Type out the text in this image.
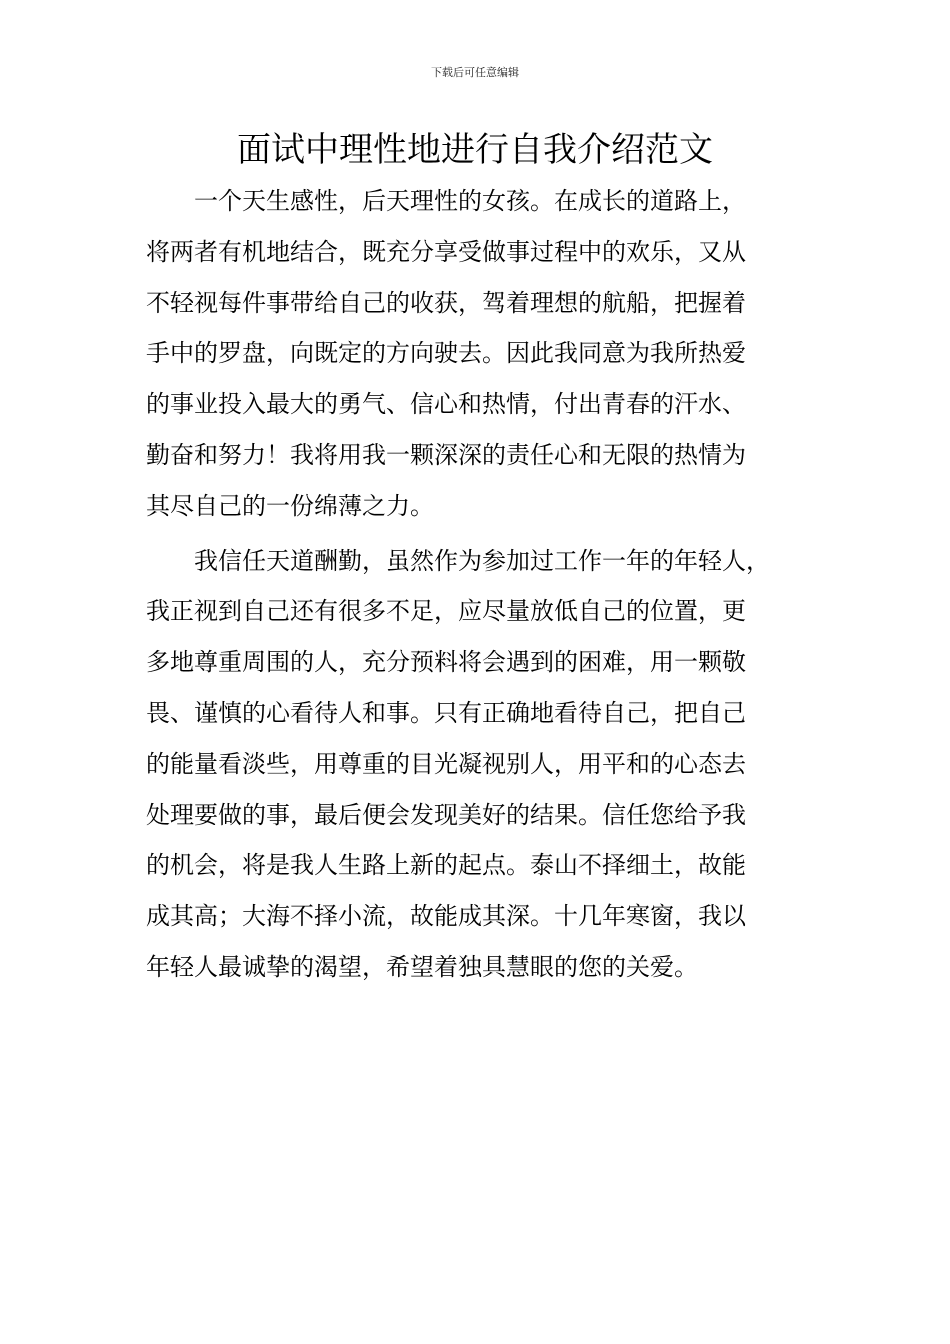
下载后可任意编辑
面试中理性地进行自我介绍范文

一个天生感性，后天理性的女孩。在成长的道路上，
将两者有机地结合，既充分享受做事过程中的欢乐，又从
不轻视每件事带给自己的收获，驾着理想的航船，把握着
手中的罗盘，向既定的方向驶去。因此我同意为我所热爱
的事业投入最大的勇气、信心和热情，付出青春的汗水、
勤奋和努力！我将用我一颗深深的责任心和无限的热情为
其尽自己的一份绵薄之力。

我信任天道酬勤，虽然作为参加过工作一年的年轻人，
我正视到自己还有很多不足，应尽量放低自己的位置，更
多地尊重周围的人，充分预料将会遇到的困难，用一颗敬
畏、谨慎的心看待人和事。只有正确地看待自己，把自己
的能量看淡些，用尊重的目光凝视别人，用平和的心态去
处理要做的事，最后便会发现美好的结果。信任您给予我
的机会，将是我人生路上新的起点。泰山不择细土，故能
成其高；大海不择小流，故能成其深。十几年寒窗，我以
年轻人最诚挚的渴望，希望着独具慧眼的您的关爱。
